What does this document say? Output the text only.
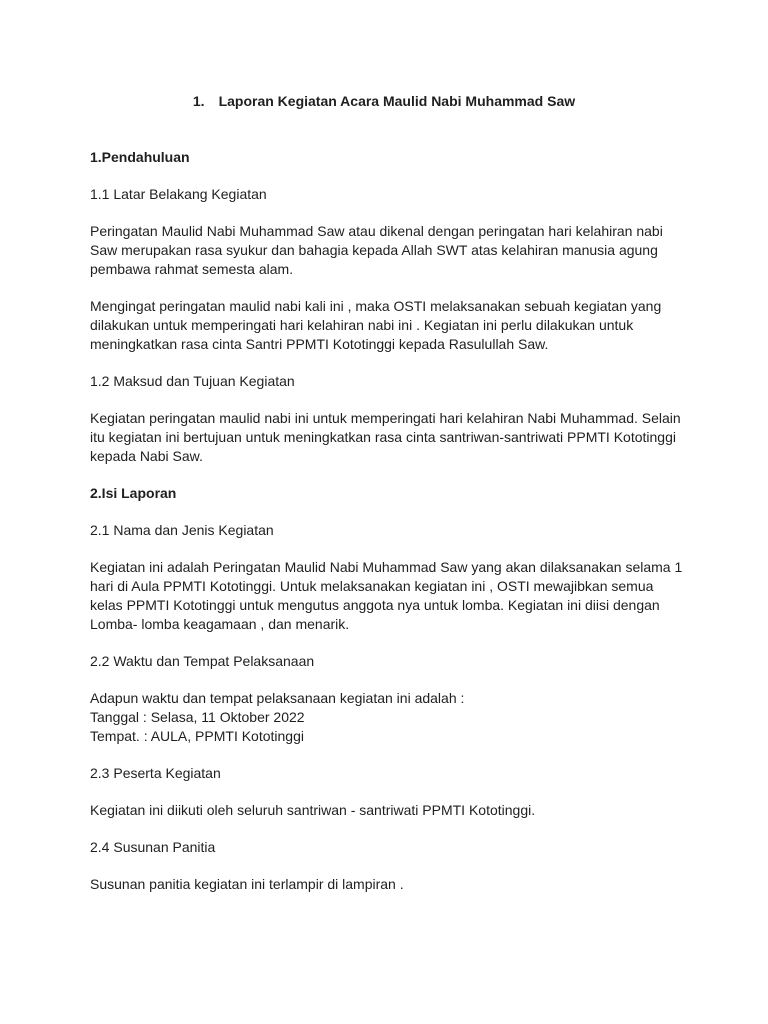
1. Laporan Kegiatan Acara Maulid Nabi Muhammad Saw

1.Pendahuluan

1.1 Latar Belakang Kegiatan

Peringatan Maulid Nabi Muhammad Saw atau dikenal dengan peringatan hari kelahiran nabi
Saw merupakan rasa syukur dan bahagia kepada Allah SWT atas kelahiran manusia agung
pembawa rahmat semesta alam.

Mengingat peringatan maulid nabi kali ini , maka OSTI melaksanakan sebuah kegiatan yang
dilakukan untuk memperingati hari kelahiran nabi ini . Kegiatan ini perlu dilakukan untuk
meningkatkan rasa cinta Santri PPMTI Kototinggi kepada Rasulullah Saw.

1.2 Maksud dan Tujuan Kegiatan

Kegiatan peringatan maulid nabi ini untuk memperingati hari kelahiran Nabi Muhammad. Selain
itu kegiatan ini bertujuan untuk meningkatkan rasa cinta santriwan-santriwati PPMTI Kototinggi
kepada Nabi Saw.

2.Isi Laporan

2.1 Nama dan Jenis Kegiatan

Kegiatan ini adalah Peringatan Maulid Nabi Muhammad Saw yang akan dilaksanakan selama 1
hari di Aula PPMTI Kototinggi. Untuk melaksanakan kegiatan ini , OSTI mewajibkan semua
kelas PPMTI Kototinggi untuk mengutus anggota nya untuk lomba. Kegiatan ini diisi dengan
Lomba- lomba keagamaan , dan menarik.

2.2 Waktu dan Tempat Pelaksanaan

Adapun waktu dan tempat pelaksanaan kegiatan ini adalah :
Tanggal : Selasa, 11 Oktober 2022
Tempat. : AULA, PPMTI Kototinggi

2.3 Peserta Kegiatan

Kegiatan ini diikuti oleh seluruh santriwan - santriwati PPMTI Kototinggi.

2.4 Susunan Panitia

Susunan panitia kegiatan ini terlampir di lampiran .
